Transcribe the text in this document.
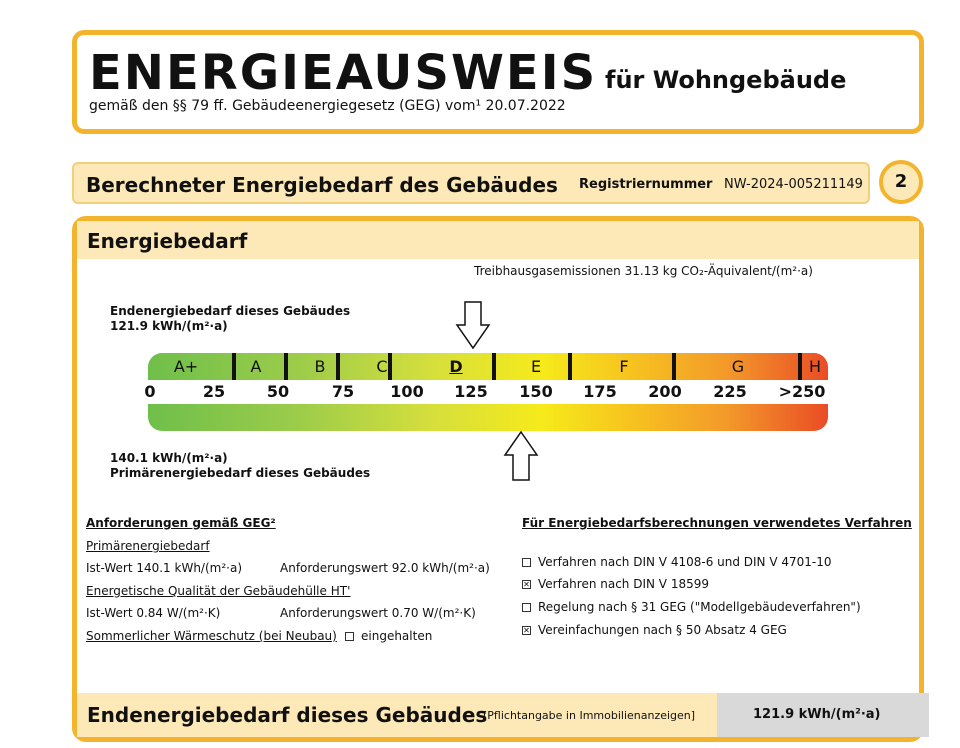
ENERGIEAUSWEIS für Wohngebäude
gemäß den §§ 79 ff. Gebäudeenergiegesetz (GEG) vom¹ 20.07.2022
Berechneter Energiebedarf des Gebäudes Registriernummer NW-2024-005211149	2
Energiebedarf
Endenergiebedarf dieses Gebäudes
[Pflichtangabe in Immobilienanzeigen]	121.9 kWh/(m²·a)
Treibhausgasemissionen 31.13 kg CO₂-Äquivalent/(m²·a)
Endenergiebedarf dieses Gebäudes
121.9 kWh/(m²·a)
A+	A	B	C	D	E	F	G	H
0	25	50	75	100	125	150	175	200	225	>250
140.1 kWh/(m²·a)
Primärenergiebedarf dieses Gebäudes
Anforderungen gemäß GEG²
Primärenergiebedarf
Ist-Wert 140.1 kWh/(m²·a)	Anforderungswert 92.0 kWh/(m²·a)
Energetische Qualität der Gebäudehülle HT'
Ist-Wert 0.84 W/(m²·K)	Anforderungswert 0.70 W/(m²·K)
Sommerlicher Wärmeschutz (bei Neubau)	eingehalten
Für Energiebedarfsberechnungen verwendetes Verfahren
Verfahren nach DIN V 4108-6 und DIN V 4701-10
✕ Verfahren nach DIN V 18599
Regelung nach § 31 GEG ("Modellgebäudeverfahren")
✕ Vereinfachungen nach § 50 Absatz 4 GEG
